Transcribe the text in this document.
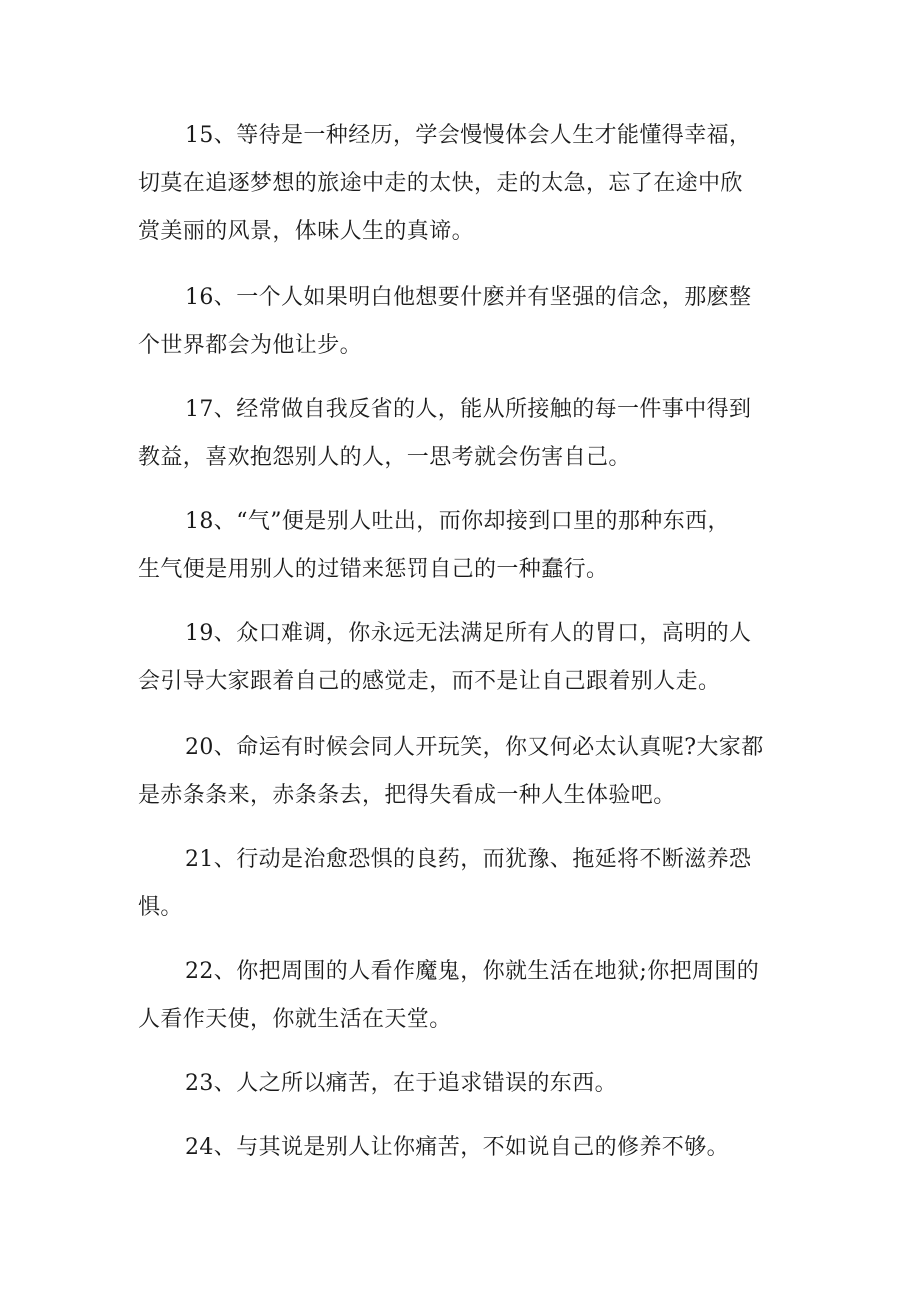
15、等待是一种经历，学会慢慢体会人生才能懂得幸福，
切莫在追逐梦想的旅途中走的太快，走的太急，忘了在途中欣
赏美丽的风景，体味人生的真谛。
16、一个人如果明白他想要什麽并有坚强的信念，那麽整
个世界都会为他让步。
17、经常做自我反省的人，能从所接触的每一件事中得到
教益，喜欢抱怨别人的人，一思考就会伤害自己。
18、“气”便是别人吐出，而你却接到口里的那种东西，
生气便是用别人的过错来惩罚自己的一种蠢行。
19、众口难调，你永远无法满足所有人的胃口，高明的人
会引导大家跟着自己的感觉走，而不是让自己跟着别人走。
20、命运有时候会同人开玩笑，你又何必太认真呢?大家都
是赤条条来，赤条条去，把得失看成一种人生体验吧。
21、行动是治愈恐惧的良药，而犹豫、拖延将不断滋养恐
惧。
22、你把周围的人看作魔鬼，你就生活在地狱;你把周围的
人看作天使，你就生活在天堂。
23、人之所以痛苦，在于追求错误的东西。
24、与其说是别人让你痛苦，不如说自己的修养不够。
